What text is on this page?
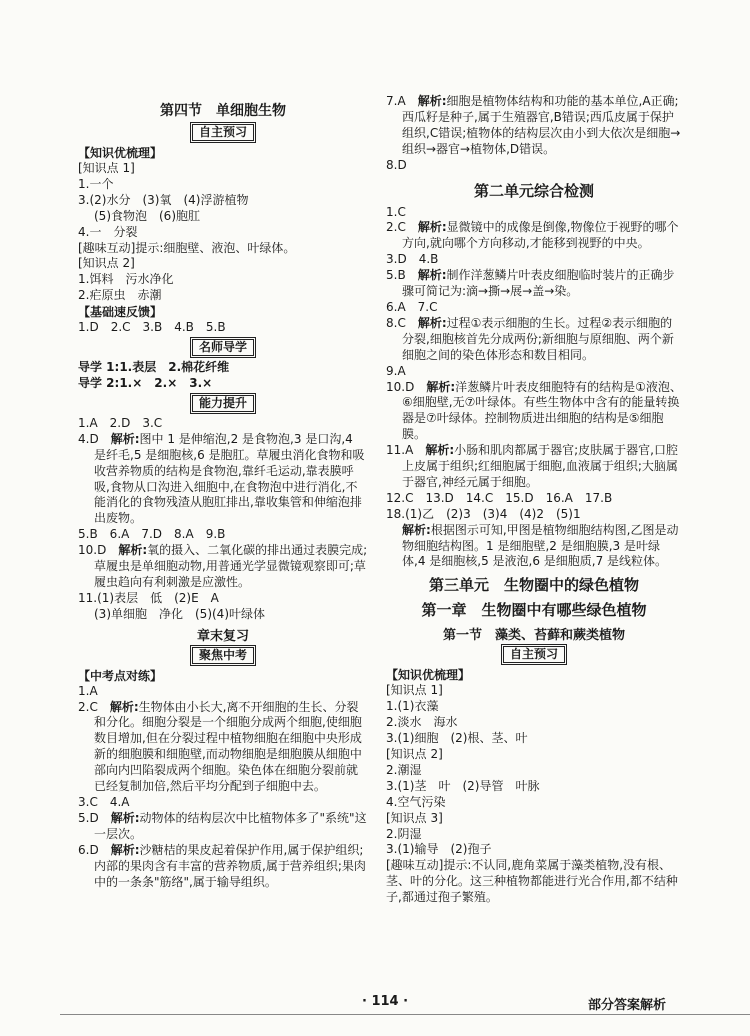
第四节　单细胞生物
自主预习
【知识优梳理】
[知识点 1]
1.一个
3.(2)水分　(3)氧　(4)浮游植物
(5)食物泡　(6)胞肛
4.一　分裂
[趣味互动]提示:细胞壁、液泡、叶绿体。
[知识点 2]
1.饵料　污水净化
2.疟原虫　赤潮
【基础速反馈】
1.D　2.C　3.B　4.B　5.B
名师导学
导学 1:1.表层　2.棉花纤维
导学 2:1.×　2.×　3.×
能力提升
1.A　2.D　3.C
4.D　 解析:图中 1 是伸缩泡,2 是食物泡,3 是口沟,4 是纤毛,5 是细胞核,6 是胞肛。草履虫消化食物和吸收营养物质的结构是食物泡,靠纤毛运动,靠表膜呼吸,食物从口沟进入细胞中,在食物泡中进行消化,不能消化的食物残渣从胞肛排出,靠收集管和伸缩泡排出废物。
5.B　6.A　7.D　8.A　9.B
10.D　 解析:氧的摄入、二氧化碳的排出通过表膜完成;草履虫是单细胞动物,用普通光学显微镜观察即可;草履虫趋向有利刺激是应激性。
11.(1)表层　低　(2)E　A
(3)单细胞　净化　(5)(4)叶绿体
章末复习
聚焦中考
【中考点对练】
1.A
2.C　 解析:生物体由小长大,离不开细胞的生长、分裂和分化。细胞分裂是一个细胞分成两个细胞,使细胞数目增加,但在分裂过程中植物细胞在细胞中央形成新的细胞膜和细胞壁,而动物细胞是细胞膜从细胞中部向内凹陷裂成两个细胞。染色体在细胞分裂前就已经复制加倍,然后平均分配到子细胞中去。
3.C　4.A
5.D　 解析:动物体的结构层次中比植物体多了"系统"这一层次。
6.D　 解析:沙糖桔的果皮起着保护作用,属于保护组织;内部的果肉含有丰富的营养物质,属于营养组织;果肉中的一条条"筋络",属于输导组织。
7.A　 解析:细胞是植物体结构和功能的基本单位,A正确;西瓜籽是种子,属于生殖器官,B错误;西瓜皮属于保护组织,C错误;植物体的结构层次由小到大依次是细胞→组织→器官→植物体,D错误。
8.D
第二单元综合检测
1.C
2.C　 解析:显微镜中的成像是倒像,物像位于视野的哪个方向,就向哪个方向移动,才能移到视野的中央。
3.D　4.B
5.B　 解析:制作洋葱鳞片叶表皮细胞临时装片的正确步骤可简记为:滴→撕→展→盖→染。
6.A　7.C
8.C　 解析:过程①表示细胞的生长。过程②表示细胞的分裂,细胞核首先分成两份;新细胞与原细胞、两个新细胞之间的染色体形态和数目相同。
9.A
10.D　 解析:洋葱鳞片叶表皮细胞特有的结构是①液泡、⑥细胞壁,无⑦叶绿体。有些生物体中含有的能量转换器是⑦叶绿体。控制物质进出细胞的结构是⑤细胞膜。
11.A　 解析:小肠和肌肉都属于器官;皮肤属于器官,口腔上皮属于组织;红细胞属于细胞,血液属于组织;大脑属于器官,神经元属于细胞。
12.C　13.D　14.C　15.D　16.A　17.B
18.(1)乙　(2)3　(3)4　(4)2　(5)1
解析:根据图示可知,甲图是植物细胞结构图,乙图是动物细胞结构图。1 是细胞壁,2 是细胞膜,3 是叶绿体,4 是细胞核,5 是液泡,6 是细胞质,7 是线粒体。
第三单元　生物圈中的绿色植物
第一章　生物圈中有哪些绿色植物
第一节　藻类、苔藓和蕨类植物
自主预习
【知识优梳理】
[知识点 1]
1.(1)衣藻
2.淡水　海水
3.(1)细胞　(2)根、茎、叶
[知识点 2]
2.潮湿
3.(1)茎　叶　(2)导管　叶脉
4.空气污染
[知识点 3]
2.阴湿
3.(1)输导　(2)孢子
[趣味互动]提示:不认同,鹿角菜属于藻类植物,没有根、茎、叶的分化。这三种植物都能进行光合作用,都不结种子,都通过孢子繁殖。
· 114 ·	部分答案解析
